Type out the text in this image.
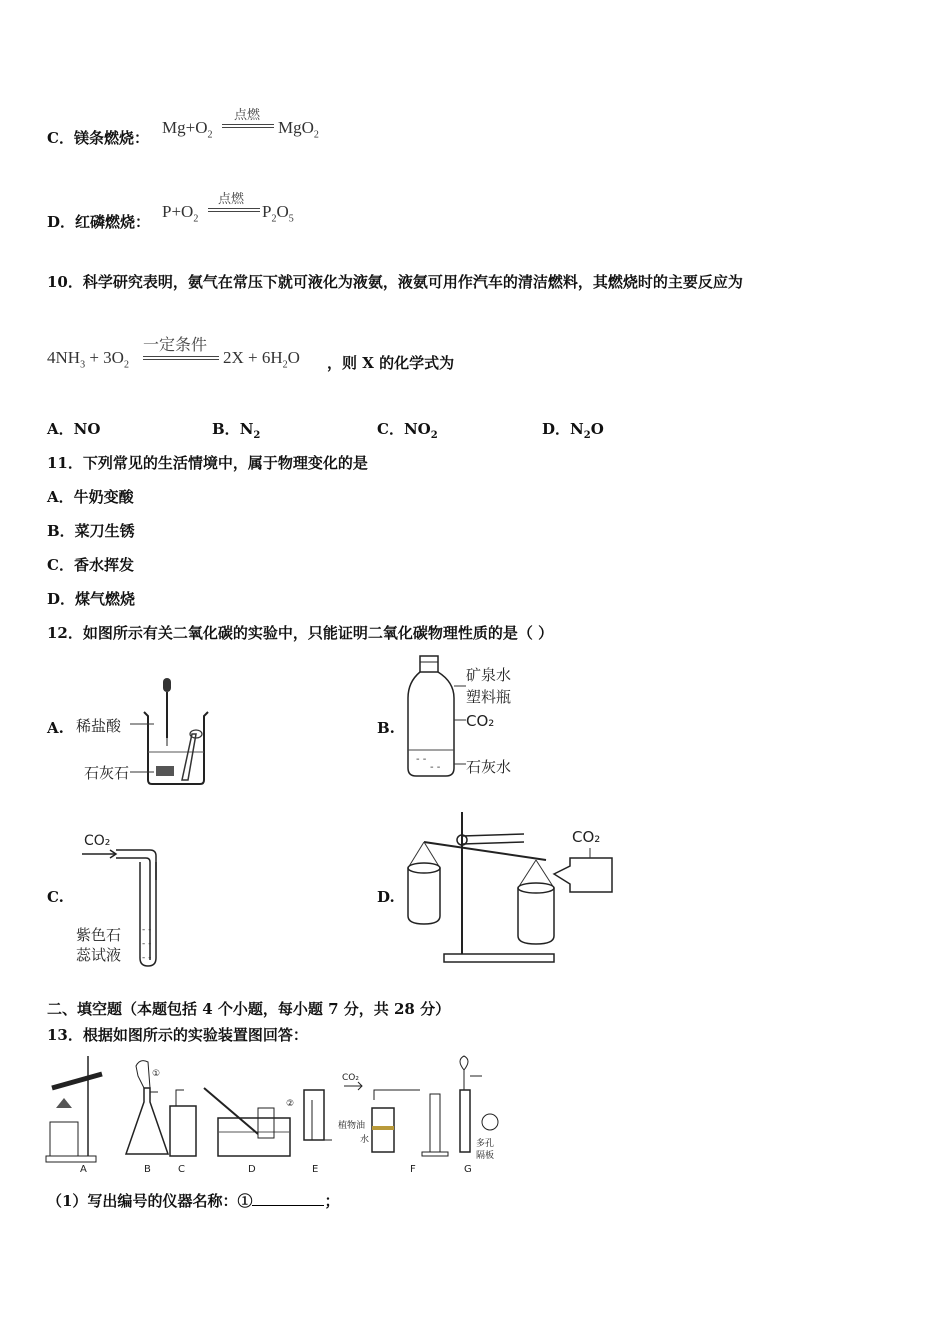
C．镁条燃烧：
$Mg+O_2$
点燃
MgO$_2$
D．红磷燃烧：
$P+O_2$
点燃
$P_2O_5$
10．科学研究表明，氨气在常压下就可液化为液氨，液氨可用作汽车的清洁燃料，其燃烧时的主要反应为
$4NH_3 + 3O_2$
一定条件
$2X + 6H_2O$ ，则 X 的化学式为
A．NO	B．$N_2$	C．$NO_2$	D．$N_2O$
11．下列常见的生活情境中，属于物理变化的是
A．牛奶变酸
B．菜刀生锈
C．香水挥发
D．煤气燃烧
12．如图所示有关二氧化碳的实验中，只能证明二氧化碳物理性质的是（ ）
A. 稀盐酸
石灰石
B.
- -
- -
矿泉水
塑料瓶
CO₂
石灰水
C.
CO₂
- -
- -
- -
紫色石
蕊试液
D.
CO₂
二、填空题（本题包括 4 个小题，每小题 7 分，共 28 分）
13．根据如图所示的实验装置图回答：
A	B	C	D	E	F	G
CO₂
植物油
水	多孔
隔板
①
②
（1）写出编号的仪器名称：①	；
